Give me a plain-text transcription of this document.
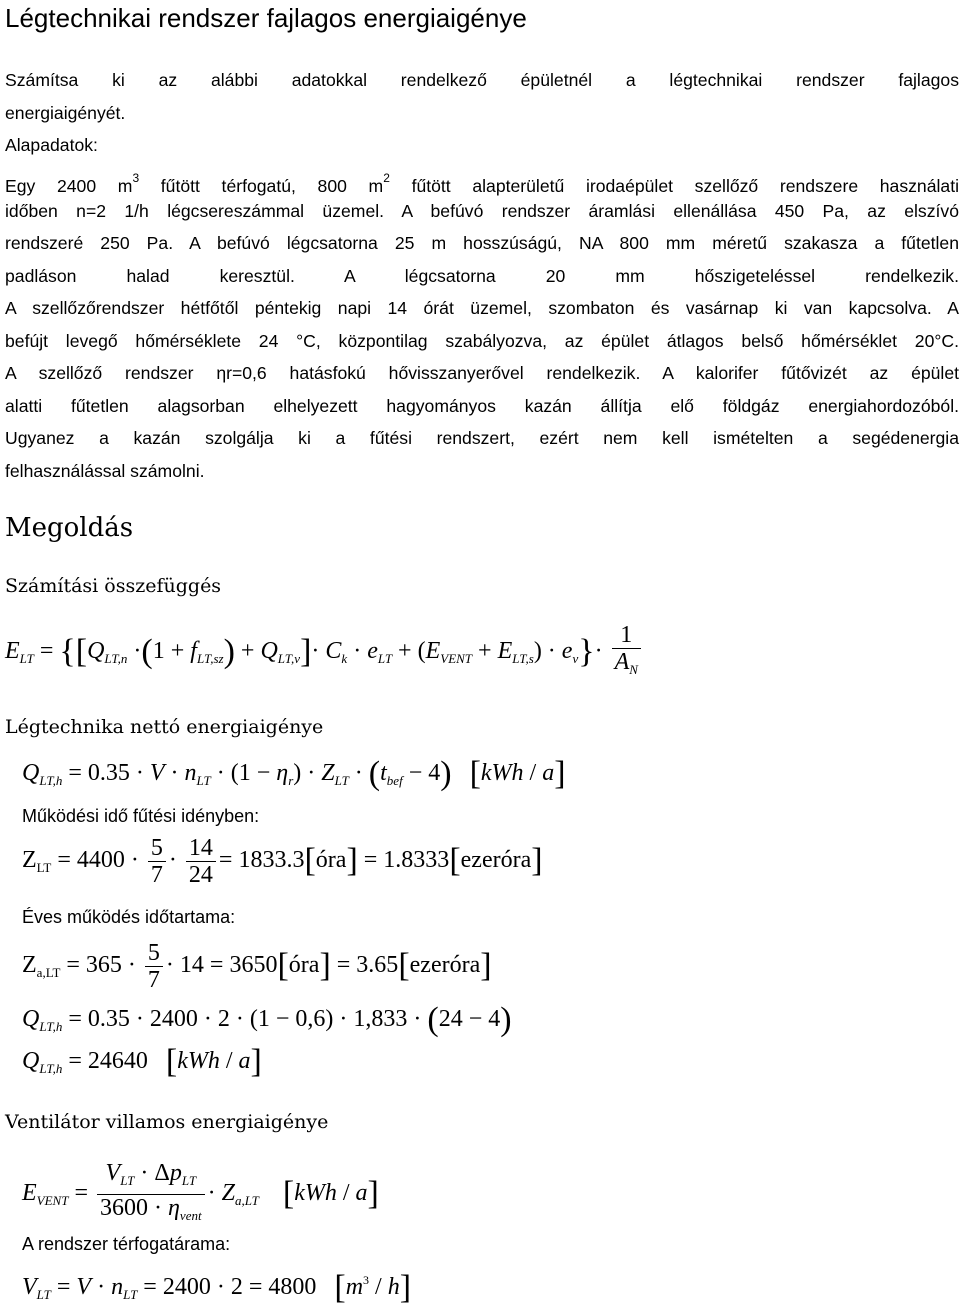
Légtechnikai rendszer fajlagos energiaigénye
Számítsa ki az alábbi adatokkal rendelkező épületnél a légtechnikai rendszer fajlagos
energiaigényét.
Alapadatok:
Egy 2400 $m^3$ fűtött térfogatú, 800 $m^2$ fűtött alapterületű irodaépület szellőző rendszere használati
időben n=2 1/h légcsereszámmal üzemel. A befúvó rendszer áramlási ellenállása 450 Pa, az elszívó
rendszeré 250 Pa. A befúvó légcsatorna 25 m hosszúságú, NA 800 mm méretű szakasza a fűtetlen
padláson halad keresztül. A légcsatorna 20 mm hőszigeteléssel rendelkezik.
A szellőzőrendszer hétfőtől péntekig napi 14 órát üzemel, szombaton és vasárnap ki van kapcsolva. A
befújt levegő hőmérséklete 24 °C, központilag szabályozva, az épület átlagos belső hőmérséklet 20°C.
A szellőző rendszer ηr=0,6 hatásfokú hővisszanyerővel rendelkezik. A kalorifer fűtővizét az épület
alatti fűtetlen alagsorban elhelyezett hagyományos kazán állítja elő földgáz energiahordozóból.
Ugyanez a kazán szolgálja ki a fűtési rendszert, ezért nem kell ismételten a segédenergia
felhasználással számolni.
Megoldás
Számítási összefüggés
$E_{LT} = \{[Q_{LT,n} \cdot(1 + f_{LT,sz}) + Q_{LT,v}]\cdot C_k \cdot e_{LT} + (E_{VENT} + E_{LT,s}) \cdot e_v\}\cdot \frac{1}{A_N}$
Légtechnika nettó energiaigénye
$Q_{LT,h} = 0.35 \cdot V \cdot n_{LT} \cdot (1 - \eta_r) \cdot Z_{LT} \cdot (t_{bef} - 4)$ [kWh / a]
Működési idő fűtési idényben:
$Z_{LT} = 4400 \cdot \frac{5}{7} \cdot \frac{14}{24}$ = 1833.3[óra] = 1.8333[ezeróra]
Éves működés időtartama:
$Z_{a,LT} = 365 \cdot \frac{5}{7} \cdot 14$ = 3650[óra] = 3.65[ezeróra]
$Q_{LT,h} = 0.35 \cdot 2400 \cdot 2 \cdot (1 - 0,6) \cdot 1,833 \cdot (24 - 4)$
$Q_{LT,h} = 24640$   [kWh / a]
Ventilátor villamos energiaigénye
$E_{VENT} = \frac{V_{LT} \cdot \Delta p_{LT}}{3600 \cdot \eta_{vent}} \cdot Z_{a,LT}$ [kWh / a]
A rendszer térfogatárama:
$V_{LT} = V \cdot n_{LT} = 2400 \cdot 2 = 4800$   $[m^3 / h]$
